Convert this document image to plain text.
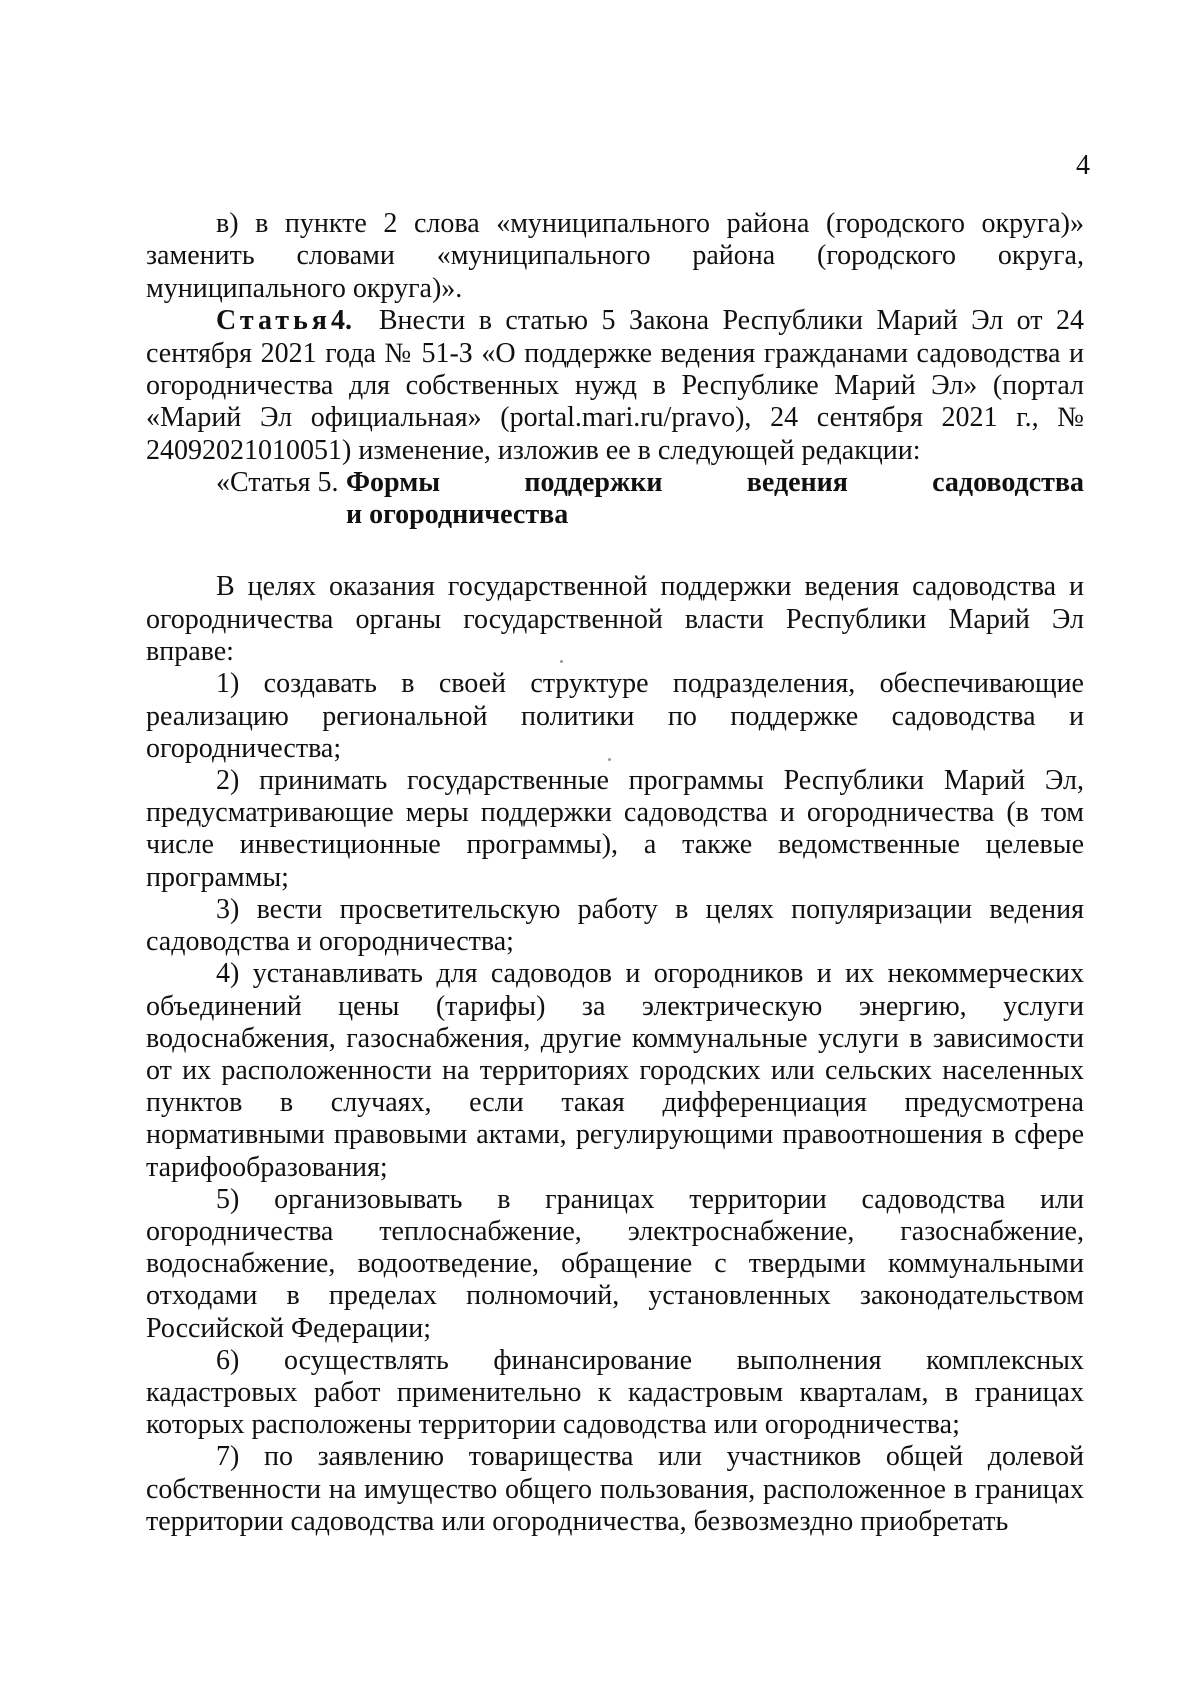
4

в) в пункте 2 слова «муниципального района (городского округа)» заменить словами «муниципального района (городского округа, муниципального округа)».

Статья4. Внести в статью 5 Закона Республики Марий Эл от 24 сентября 2021 года № 51-З «О поддержке ведения гражданами садоводства и огородничества для собственных нужд в Республике Марий Эл» (портал «Марий Эл официальная» (portal.mari.ru/pravo), 24 сентября 2021 г., № 24092021010051) изменение, изложив ее в следующей редакции:

«Статья 5. Формы поддержки ведения садоводства
и огородничества

В целях оказания государственной поддержки ведения садоводства и огородничества органы государственной власти Республики Марий Эл вправе:

1) создавать в своей структуре подразделения, обеспечивающие реализацию региональной политики по поддержке садоводства и огородничества;

2) принимать государственные программы Республики Марий Эл, предусматривающие меры поддержки садоводства и огородничества (в том числе инвестиционные программы), а также ведомственные целевые программы;

3) вести просветительскую работу в целях популяризации ведения садоводства и огородничества;

4) устанавливать для садоводов и огородников и их некоммерческих объединений цены (тарифы) за электрическую энергию, услуги водоснабжения, газоснабжения, другие коммунальные услуги в зависимости от их расположенности на территориях городских или сельских населенных пунктов в случаях, если такая дифференциация предусмотрена нормативными правовыми актами, регулирующими правоотношения в сфере тарифообразования;

5) организовывать в границах территории садоводства или огородничества теплоснабжение, электроснабжение, газоснабжение, водоснабжение, водоотведение, обращение с твердыми коммунальными отходами в пределах полномочий, установленных законодательством Российской Федерации;

6) осуществлять финансирование выполнения комплексных кадастровых работ применительно к кадастровым кварталам, в границах которых расположены территории садоводства или огородничества;

7) по заявлению товарищества или участников общей долевой собственности на имущество общего пользования, расположенное в границах территории садоводства или огородничества, безвозмездно приобретать
